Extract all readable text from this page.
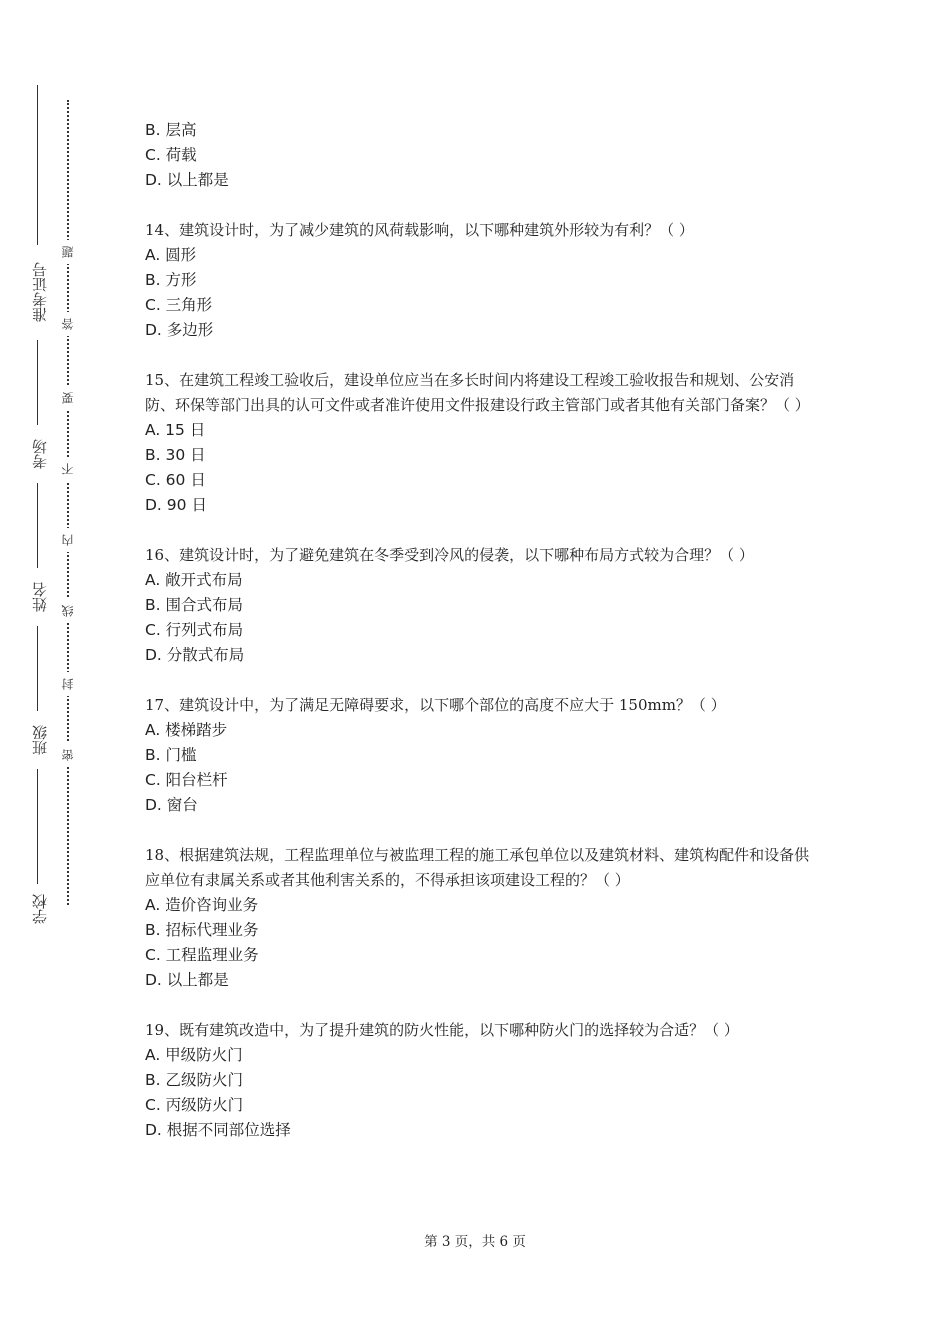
准考证号
考场
姓名
班级
学校
题
答
要
不
内
线
封
密
B. 层高
C. 荷载
D. 以上都是
14、建筑设计时，为了减少建筑的风荷载影响，以下哪种建筑外形较为有利？（ ）
A. 圆形
B. 方形
C. 三角形
D. 多边形
15、在建筑工程竣工验收后，建设单位应当在多长时间内将建设工程竣工验收报告和规划、公安消防、环保等部门出具的认可文件或者准许使用文件报建设行政主管部门或者其他有关部门备案？（ ）
A. 15 日
B. 30 日
C. 60 日
D. 90 日
16、建筑设计时，为了避免建筑在冬季受到冷风的侵袭，以下哪种布局方式较为合理？（ ）
A. 敞开式布局
B. 围合式布局
C. 行列式布局
D. 分散式布局
17、建筑设计中，为了满足无障碍要求，以下哪个部位的高度不应大于 150mm？（ ）
A. 楼梯踏步
B. 门槛
C. 阳台栏杆
D. 窗台
18、根据建筑法规，工程监理单位与被监理工程的施工承包单位以及建筑材料、建筑构配件和设备供应单位有隶属关系或者其他利害关系的，不得承担该项建设工程的？（ ）
A. 造价咨询业务
B. 招标代理业务
C. 工程监理业务
D. 以上都是
19、既有建筑改造中，为了提升建筑的防火性能，以下哪种防火门的选择较为合适？（ ）
A. 甲级防火门
B. 乙级防火门
C. 丙级防火门
D. 根据不同部位选择
第 3 页，共 6 页
